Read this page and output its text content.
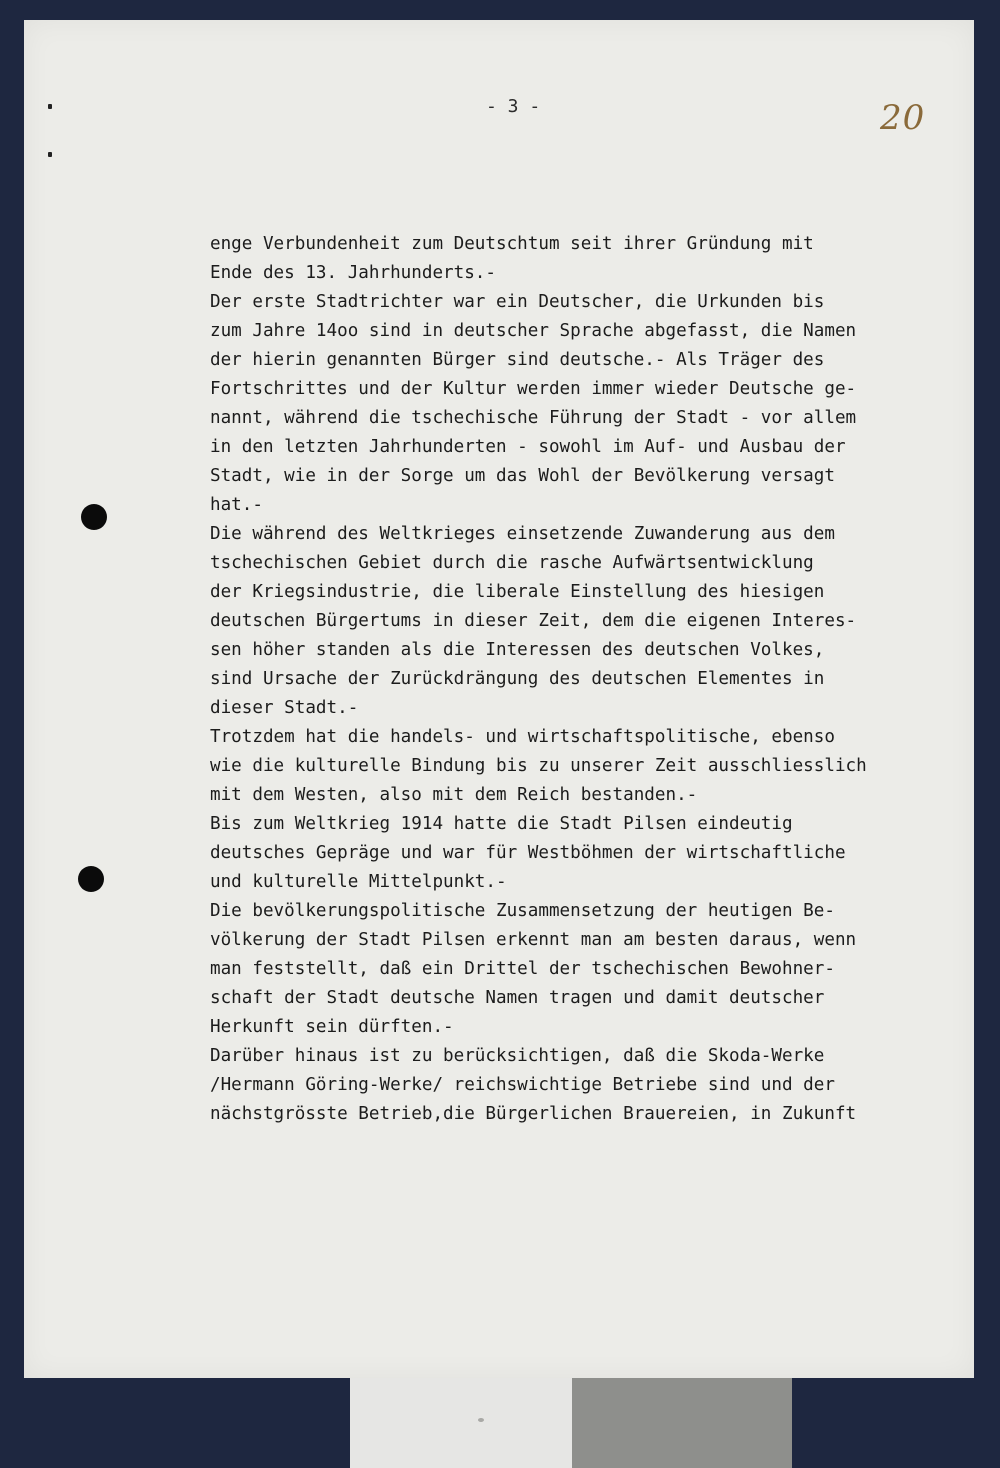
- 3 -	20
enge Verbundenheit zum Deutschtum seit ihrer Gründung mit
Ende des 13. Jahrhunderts.-
Der erste Stadtrichter war ein Deutscher, die Urkunden bis
zum Jahre 14oo sind in deutscher Sprache abgefasst, die Namen
der hierin genannten Bürger sind deutsche.- Als Träger des
Fortschrittes und der Kultur werden immer wieder Deutsche ge-
nannt, während die tschechische Führung der Stadt - vor allem
in den letzten Jahrhunderten - sowohl im Auf- und Ausbau der
Stadt, wie in der Sorge um das Wohl der Bevölkerung versagt
hat.-
Die während des Weltkrieges einsetzende Zuwanderung aus dem
tschechischen Gebiet durch die rasche Aufwärtsentwicklung
der Kriegsindustrie, die liberale Einstellung des hiesigen
deutschen Bürgertums in dieser Zeit, dem die eigenen Interes-
sen höher standen als die Interessen des deutschen Volkes,
sind Ursache der Zurückdrängung des deutschen Elementes in
dieser Stadt.-
Trotzdem hat die handels- und wirtschaftspolitische, ebenso
wie die kulturelle Bindung bis zu unserer Zeit ausschliesslich
mit dem Westen, also mit dem Reich bestanden.-
Bis zum Weltkrieg 1914 hatte die Stadt Pilsen eindeutig
deutsches Gepräge und war für Westböhmen der wirtschaftliche
und kulturelle Mittelpunkt.-
Die bevölkerungspolitische Zusammensetzung der heutigen Be-
völkerung der Stadt Pilsen erkennt man am besten daraus, wenn
man feststellt, daß ein Drittel der tschechischen Bewohner-
schaft der Stadt deutsche Namen tragen und damit deutscher
Herkunft sein dürften.-
Darüber hinaus ist zu berücksichtigen, daß die Skoda-Werke
/Hermann Göring-Werke/ reichswichtige Betriebe sind und der
nächstgrösste Betrieb,die Bürgerlichen Brauereien, in Zukunft
